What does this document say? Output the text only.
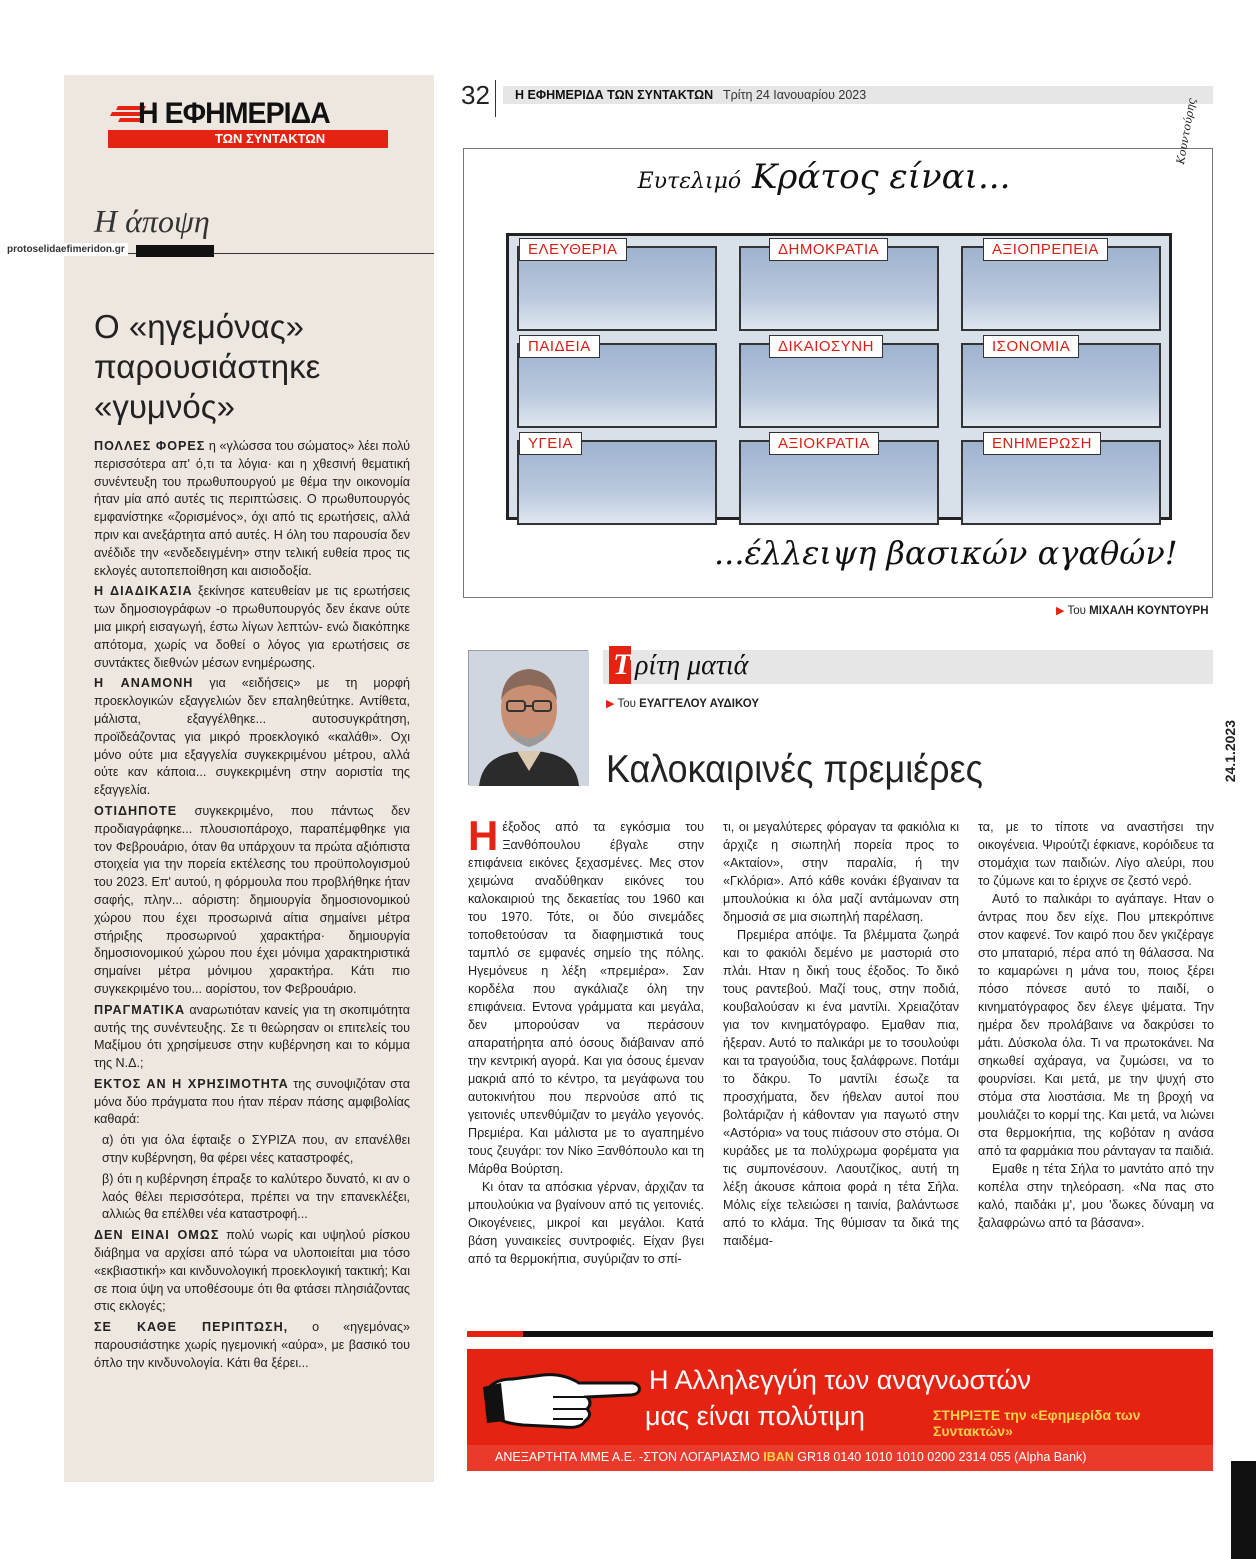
Η ΕΦΗΜΕΡΙΔΑ
ΤΩΝ ΣΥΝΤΑΚΤΩΝ
Η άποψη
Ο «ηγεμόνας» παρουσιάστηκε «γυμνός»

ΠΟΛΛΕΣ ΦΟΡΕΣ η «γλώσσα του σώματος» λέει πολύ περισσότερα απ' ό,τι τα λόγια· και η χθεσινή θεματική συνέντευξη του πρωθυπουργού με θέμα την οικονομία ήταν μία από αυτές τις περιπτώσεις. Ο πρωθυπουργός εμφανίστηκε «ζορισμένος», όχι από τις ερωτήσεις, αλλά πριν και ανεξάρτητα από αυτές. Η όλη του παρουσία δεν ανέδιδε την «ενδεδειγμένη» στην τελική ευθεία προς τις εκλογές αυτοπεποίθηση και αισιοδοξία.

Η ΔΙΑΔΙΚΑΣΙΑ ξεκίνησε κατευθείαν με τις ερωτήσεις των δημοσιογράφων -ο πρωθυπουργός δεν έκανε ούτε μια μικρή εισαγωγή, έστω λίγων λεπτών- ενώ διακόπηκε απότομα, χωρίς να δοθεί ο λόγος για ερωτήσεις σε συντάκτες διεθνών μέσων ενημέρωσης.

Η ΑΝΑΜΟΝΗ για «ειδήσεις» με τη μορφή προεκλογικών εξαγγελιών δεν επαληθεύτηκε. Αντίθετα, μάλιστα, εξαγγέλθηκε... αυτοσυγκράτηση, προϊδεάζοντας για μικρό προεκλογικό «καλάθι». Οχι μόνο ούτε μια εξαγγελία συγκεκριμένου μέτρου, αλλά ούτε καν κάποια... συγκεκριμένη στην αοριστία της εξαγγελία.

ΟΤΙΔΗΠΟΤΕ συγκεκριμένο, που πάντως δεν προδιαγράφηκε... πλουσιοπάροχο, παραπέμφθηκε για τον Φεβρουάριο, όταν θα υπάρχουν τα πρώτα αξιόπιστα στοιχεία για την πορεία εκτέλεσης του προϋπολογισμού του 2023. Επ' αυτού, η φόρμουλα που προβλήθηκε ήταν σαφής, πλην... αόριστη: δημιουργία δημοσιονομικού χώρου που έχει προσωρινά αίτια σημαίνει μέτρα στήριξης προσωρινού χαρακτήρα· δημιουργία δημοσιονομικού χώρου που έχει μόνιμα χαρακτηριστικά σημαίνει μέτρα μόνιμου χαρακτήρα. Κάτι πιο συγκεκριμένο του... αορίστου, τον Φεβρουάριο.

ΠΡΑΓΜΑΤΙΚΑ αναρωτιόταν κανείς για τη σκοπιμότητα αυτής της συνέντευξης. Σε τι θεώρησαν οι επιτελείς του Μαξίμου ότι χρησίμευσε στην κυβέρνηση και το κόμμα της Ν.Δ.;

ΕΚΤΟΣ ΑΝ Η ΧΡΗΣΙΜΟΤΗΤΑ της συνοψιζόταν στα μόνα δύο πράγματα που ήταν πέραν πάσης αμφιβολίας καθαρά:

α) ότι για όλα έφταιξε ο ΣΥΡΙΖΑ που, αν επανέλθει στην κυβέρνηση, θα φέρει νέες καταστροφές,

β) ότι η κυβέρνηση έπραξε το καλύτερο δυνατό, κι αν ο λαός θέλει περισσότερα, πρέπει να την επανεκλέξει, αλλιώς θα επέλθει νέα καταστροφή...

ΔΕΝ ΕΙΝΑΙ ΟΜΩΣ πολύ νωρίς και υψηλού ρίσκου διάβημα να αρχίσει από τώρα να υλοποιείται μια τόσο «εκβιαστική» και κινδυνολογική προεκλογική τακτική; Και σε ποια ύψη να υποθέσουμε ότι θα φτάσει πλησιάζοντας στις εκλογές;

ΣΕ ΚΑΘΕ ΠΕΡΙΠΤΩΣΗ, ο «ηγεμόνας» παρουσιάστηκε χωρίς ηγεμονική «αύρα», με βασικό του όπλο την κινδυνολογία. Κάτι θα ξέρει...

protoselidaefimeridon.gr
32 Η ΕΦΗΜΕΡΙΔΑ ΤΩΝ ΣΥΝΤΑΚΤΩΝ Τρίτη 24 Ιανουαρίου 2023
Ευτελιμό Κράτος είναι...
Κουντούρης
ΕΛΕΥΘΕΡΙΑ	ΔΗΜΟΚΡΑΤΙΑ	ΑΞΙΟΠΡΕΠΕΙΑ
ΠΑΙΔΕΙΑ	ΔΙΚΑΙΟΣΥΝΗ	ΙΣΟΝΟΜΙΑ
ΥΓΕΙΑ	ΑΞΙΟΚΡΑΤΙΑ	ΕΝΗΜΕΡΩΣΗ
...έλλειψη βασικών αγαθών!
▶ Του ΜΙΧΑΛΗ ΚΟΥΝΤΟΥΡΗ
Τ ρίτη ματιά
▶ Του ΕΥΑΓΓΕΛΟΥ ΑΥΔΙΚΟΥ
Καλοκαιρινές πρεμιέρες

Ηέξοδος από τα εγκόσμια του Ξανθόπουλου έβγαλε στην επιφάνεια εικόνες ξεχασμένες. Μες στον χειμώνα αναδύθηκαν εικόνες του καλοκαιριού της δεκαετίας του 1960 και του 1970. Τότε, οι δύο σινεμάδες τοποθετούσαν τα διαφημιστικά τους ταμπλό σε εμφανές σημείο της πόλης. Ηγεμόνευε η λέξη «πρεμιέρα». Σαν κορδέλα που αγκάλιαζε όλη την επιφάνεια. Εντονα γράμματα και μεγάλα, δεν μπορούσαν να περάσουν απαρατήρητα από όσους διάβαιναν από την κεντρική αγορά. Και για όσους έμεναν μακριά από το κέντρο, τα μεγάφωνα του αυτοκινήτου που περνούσε από τις γειτονιές υπενθύμιζαν το μεγάλο γεγονός. Πρεμιέρα. Και μάλιστα με το αγαπημένο τους ζευγάρι: τον Νίκο Ξανθόπουλο και τη Μάρθα Βούρτση.

Κι όταν τα απόσκια γέρναν, άρχιζαν τα μπουλούκια να βγαίνουν από τις γειτονιές. Οικογένειες, μικροί και μεγάλοι. Κατά βάση γυναικείες συντροφιές. Είχαν βγει από τα θερμοκήπια, συγύριζαν το σπί-

τι, οι μεγαλύτερες φόραγαν τα φακιόλια κι άρχιζε η σιωπηλή πορεία προς το «Ακταίον», στην παραλία, ή την «Γκλόρια». Από κάθε κονάκι έβγαιναν τα μπουλούκια κι όλα μαζί αντάμωναν στη δημοσιά σε μια σιωπηλή παρέλαση.

Πρεμιέρα απόψε. Τα βλέμματα ζωηρά και το φακιόλι δεμένο με μαστοριά στο πλάι. Ηταν η δική τους έξοδος. Το δικό τους ραντεβού. Μαζί τους, στην ποδιά, κουβαλούσαν κι ένα μαντίλι. Χρειαζόταν για τον κινηματόγραφο. Εμαθαν πια, ήξεραν. Αυτό το παλικάρι με το τσουλούφι και τα τραγούδια, τους ξαλάφρωνε. Ποτάμι το δάκρυ. Το μαντίλι έσωζε τα προσχήματα, δεν ήθελαν αυτοί που βολτάριζαν ή κάθονταν για παγωτό στην «Αστόρια» να τους πιάσουν στο στόμα. Οι κυράδες με τα πολύχρωμα φορέματα για τις συμπονέσουν. Λαουτζίκος, αυτή τη λέξη άκουσε κάποια φορά η τέτα Σήλα. Μόλις είχε τελειώσει η ταινία, βαλάντωσε από το κλάμα. Της θύμισαν τα δικά της παιδέμα-

τα, με το τίποτε να αναστήσει την οικογένεια. Ψιρούτζι έφκιανε, κορόιδευε τα στομάχια των παιδιών. Λίγο αλεύρι, που το ζύμωνε και το έριχνε σε ζεστό νερό.

Αυτό το παλικάρι το αγάπαγε. Ηταν ο άντρας που δεν είχε. Που μπεκρόπινε στον καφενέ. Τον καιρό που δεν γκιζέραγε στο μπαταριό, πέρα από τη θάλασσα. Να το καμαρώνει η μάνα του, ποιος ξέρει πόσο πόνεσε αυτό το παιδί, ο κινηματόγραφος δεν έλεγε ψέματα. Την ημέρα δεν προλάβαινε να δακρύσει το μάτι. Δύσκολα όλα. Τι να πρωτοκάνει. Να σηκωθεί αχάραγα, να ζυμώσει, να το φουρνίσει. Και μετά, με την ψυχή στο στόμα στα λιοστάσια. Με τη βροχή να μουλιάζει το κορμί της. Και μετά, να λιώνει στα θερμοκήπια, της κοβόταν η ανάσα από τα φαρμάκια που ράνταγαν τα παιδιά.

Εμαθε η τέτα Σήλα το μαντάτο από την κοπέλα στην τηλεόραση. «Να πας στο καλό, παιδάκι μ', μου 'δωκες δύναμη να ξαλαφρώνω από τα βάσανα».

Η Αλληλεγγύη των αναγνωστών
μας είναι πολύτιμη	ΣΤΗΡΙΞΤΕ την «Εφημερίδα των Συντακτών»
ΑΝΕΞΑΡΤΗΤΑ ΜΜΕ Α.Ε. -ΣΤΟΝ ΛΟΓΑΡΙΑΣΜΟ IBAN GR18 0140 1010 1010 0200 2314 055 (Alpha Bank)
24.1.2023
